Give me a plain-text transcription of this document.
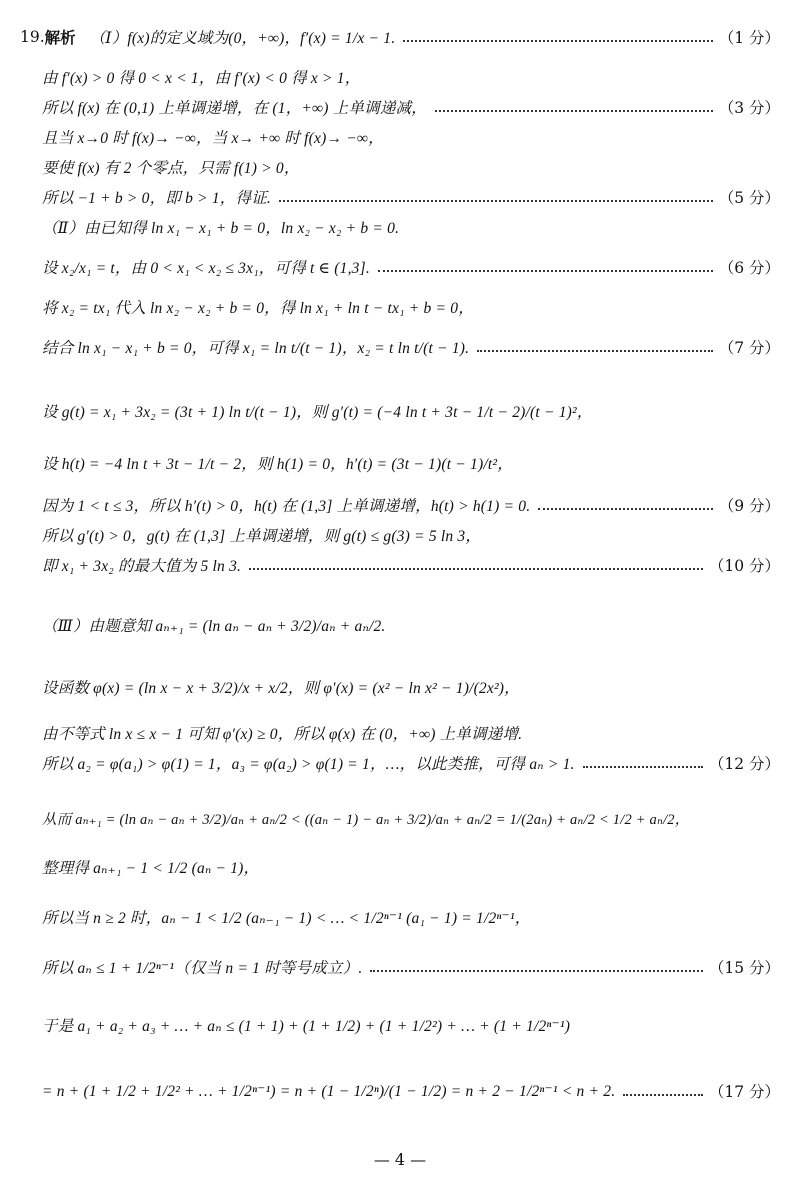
19. 解析 （Ⅰ）f(x)的定义域为(0，+∞)，f′(x) = 1/x − 1.	（1 分）
由 f′(x) > 0 得 0 < x < 1，由 f′(x) < 0 得 x > 1，
所以 f(x) 在 (0,1) 上单调递增，在 (1，+∞) 上单调递减，	（3 分）
且当 x→0 时 f(x)→ −∞，当 x→ +∞ 时 f(x)→ −∞，
要使 f(x) 有 2 个零点，只需 f(1) > 0，
所以 −1 + b > 0，即 b > 1，得证.	（5 分）
（Ⅱ）由已知得 ln x₁ − x₁ + b = 0，ln x₂ − x₂ + b = 0.
设 x₂/x₁ = t，由 0 < x₁ < x₂ ≤ 3x₁，可得 t ∈ (1,3].	（6 分）
将 x₂ = tx₁ 代入 ln x₂ − x₂ + b = 0，得 ln x₁ + ln t − tx₁ + b = 0，
结合 ln x₁ − x₁ + b = 0，可得 x₁ = ln t/(t − 1)，x₂ = t ln t/(t − 1).	（7 分）
设 g(t) = x₁ + 3x₂ = (3t + 1) ln t/(t − 1)，则 g′(t) = (−4 ln t + 3t − 1/t − 2)/(t − 1)²，
设 h(t) = −4 ln t + 3t − 1/t − 2，则 h(1) = 0，h′(t) = (3t − 1)(t − 1)/t²，
因为 1 < t ≤ 3，所以 h′(t) > 0，h(t) 在 (1,3] 上单调递增，h(t) > h(1) = 0.	（9 分）
所以 g′(t) > 0，g(t) 在 (1,3] 上单调递增，则 g(t) ≤ g(3) = 5 ln 3，
即 x₁ + 3x₂ 的最大值为 5 ln 3.	（10 分）
（Ⅲ）由题意知 aₙ₊₁ = (ln aₙ − aₙ + 3/2)/aₙ + aₙ/2.
设函数 φ(x) = (ln x − x + 3/2)/x + x/2，则 φ′(x) = (x² − ln x² − 1)/(2x²)，
由不等式 ln x ≤ x − 1 可知 φ′(x) ≥ 0，所以 φ(x) 在 (0，+∞) 上单调递增.
所以 a₂ = φ(a₁) > φ(1) = 1，a₃ = φ(a₂) > φ(1) = 1，…，以此类推，可得 aₙ > 1.	（12 分）
从而 aₙ₊₁ = (ln aₙ − aₙ + 3/2)/aₙ + aₙ/2 < ((aₙ − 1) − aₙ + 3/2)/aₙ + aₙ/2 = 1/(2aₙ) + aₙ/2 < 1/2 + aₙ/2，
整理得 aₙ₊₁ − 1 < 1/2 (aₙ − 1)，
所以当 n ≥ 2 时，aₙ − 1 < 1/2 (aₙ₋₁ − 1) < … < 1/2ⁿ⁻¹ (a₁ − 1) = 1/2ⁿ⁻¹，
所以 aₙ ≤ 1 + 1/2ⁿ⁻¹（仅当 n = 1 时等号成立）.	（15 分）
于是 a₁ + a₂ + a₃ + … + aₙ ≤ (1 + 1) + (1 + 1/2) + (1 + 1/2²) + … + (1 + 1/2ⁿ⁻¹)
= n + (1 + 1/2 + 1/2² + … + 1/2ⁿ⁻¹) = n + (1 − 1/2ⁿ)/(1 − 1/2) = n + 2 − 1/2ⁿ⁻¹ < n + 2.	（17 分）
— 4 —
